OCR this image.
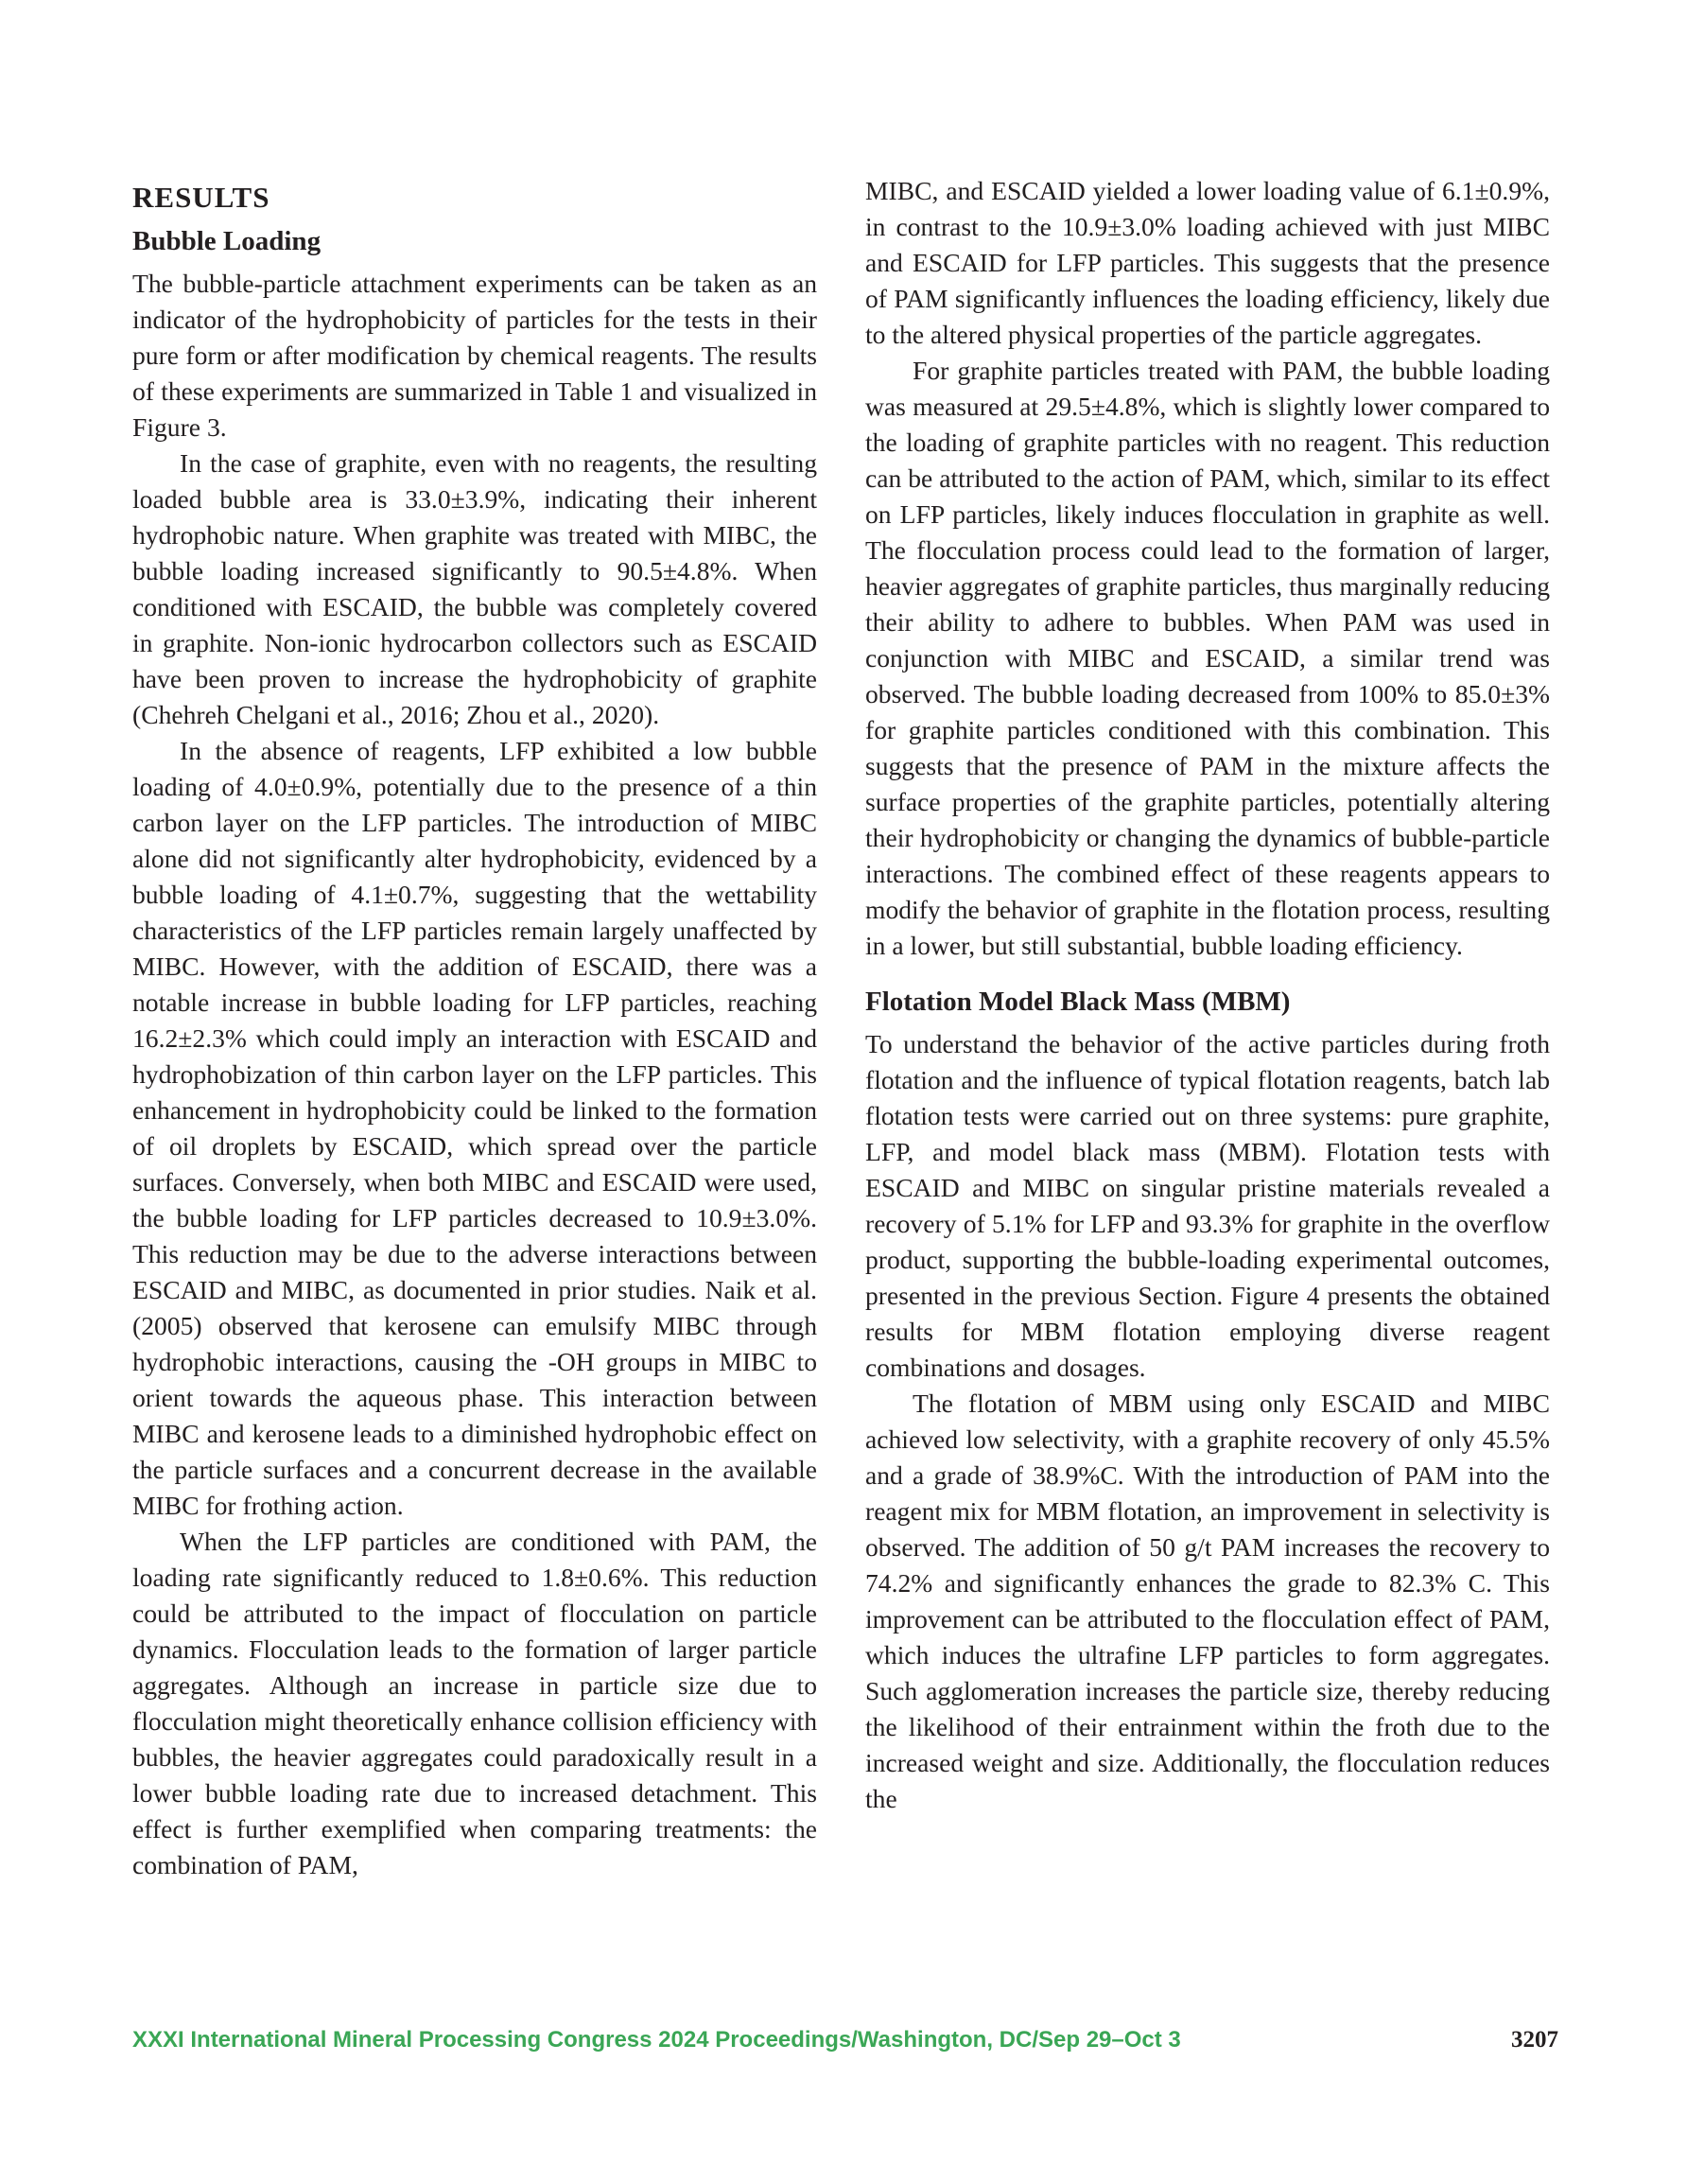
RESULTS
Bubble Loading

The bubble-particle attachment experiments can be taken as an indicator of the hydrophobicity of particles for the tests in their pure form or after modification by chemical reagents. The results of these experiments are summarized in Table 1 and visualized in Figure 3.

In the case of graphite, even with no reagents, the resulting loaded bubble area is 33.0±3.9%, indicating their inherent hydrophobic nature. When graphite was treated with MIBC, the bubble loading increased significantly to 90.5±4.8%. When conditioned with ESCAID, the bubble was completely covered in graphite. Non-ionic hydrocarbon collectors such as ESCAID have been proven to increase the hydrophobicity of graphite (Chehreh Chelgani et al., 2016; Zhou et al., 2020).

In the absence of reagents, LFP exhibited a low bubble loading of 4.0±0.9%, potentially due to the presence of a thin carbon layer on the LFP particles. The introduction of MIBC alone did not significantly alter hydrophobicity, evidenced by a bubble loading of 4.1±0.7%, suggesting that the wettability characteristics of the LFP particles remain largely unaffected by MIBC. However, with the addition of ESCAID, there was a notable increase in bubble loading for LFP particles, reaching 16.2±2.3% which could imply an interaction with ESCAID and hydrophobization of thin carbon layer on the LFP particles. This enhancement in hydrophobicity could be linked to the formation of oil droplets by ESCAID, which spread over the particle surfaces. Conversely, when both MIBC and ESCAID were used, the bubble loading for LFP particles decreased to 10.9±3.0%. This reduction may be due to the adverse interactions between ESCAID and MIBC, as documented in prior studies. Naik et al. (2005) observed that kerosene can emulsify MIBC through hydrophobic interactions, causing the -OH groups in MIBC to orient towards the aqueous phase. This interaction between MIBC and kerosene leads to a diminished hydrophobic effect on the particle surfaces and a concurrent decrease in the available MIBC for frothing action.

When the LFP particles are conditioned with PAM, the loading rate significantly reduced to 1.8±0.6%. This reduction could be attributed to the impact of flocculation on particle dynamics. Flocculation leads to the formation of larger particle aggregates. Although an increase in particle size due to flocculation might theoretically enhance collision efficiency with bubbles, the heavier aggregates could paradoxically result in a lower bubble loading rate due to increased detachment. This effect is further exemplified when comparing treatments: the combination of PAM,

MIBC, and ESCAID yielded a lower loading value of 6.1±0.9%, in contrast to the 10.9±3.0% loading achieved with just MIBC and ESCAID for LFP particles. This suggests that the presence of PAM significantly influences the loading efficiency, likely due to the altered physical properties of the particle aggregates.

For graphite particles treated with PAM, the bubble loading was measured at 29.5±4.8%, which is slightly lower compared to the loading of graphite particles with no reagent. This reduction can be attributed to the action of PAM, which, similar to its effect on LFP particles, likely induces flocculation in graphite as well. The flocculation process could lead to the formation of larger, heavier aggregates of graphite particles, thus marginally reducing their ability to adhere to bubbles. When PAM was used in conjunction with MIBC and ESCAID, a similar trend was observed. The bubble loading decreased from 100% to 85.0±3% for graphite particles conditioned with this combination. This suggests that the presence of PAM in the mixture affects the surface properties of the graphite particles, potentially altering their hydrophobicity or changing the dynamics of bubble-particle interactions. The combined effect of these reagents appears to modify the behavior of graphite in the flotation process, resulting in a lower, but still substantial, bubble loading efficiency.

Flotation Model Black Mass (MBM)

To understand the behavior of the active particles during froth flotation and the influence of typical flotation reagents, batch lab flotation tests were carried out on three systems: pure graphite, LFP, and model black mass (MBM). Flotation tests with ESCAID and MIBC on singular pristine materials revealed a recovery of 5.1% for LFP and 93.3% for graphite in the overflow product, supporting the bubble-loading experimental outcomes, presented in the previous Section. Figure 4 presents the obtained results for MBM flotation employing diverse reagent combinations and dosages.

The flotation of MBM using only ESCAID and MIBC achieved low selectivity, with a graphite recovery of only 45.5% and a grade of 38.9%C. With the introduction of PAM into the reagent mix for MBM flotation, an improvement in selectivity is observed. The addition of 50 g/t PAM increases the recovery to 74.2% and significantly enhances the grade to 82.3% C. This improvement can be attributed to the flocculation effect of PAM, which induces the ultrafine LFP particles to form aggregates. Such agglomeration increases the particle size, thereby reducing the likelihood of their entrainment within the froth due to the increased weight and size. Additionally, the flocculation reduces the

XXXI International Mineral Processing Congress 2024 Proceedings/Washington, DC/Sep 29–Oct 3	3207
